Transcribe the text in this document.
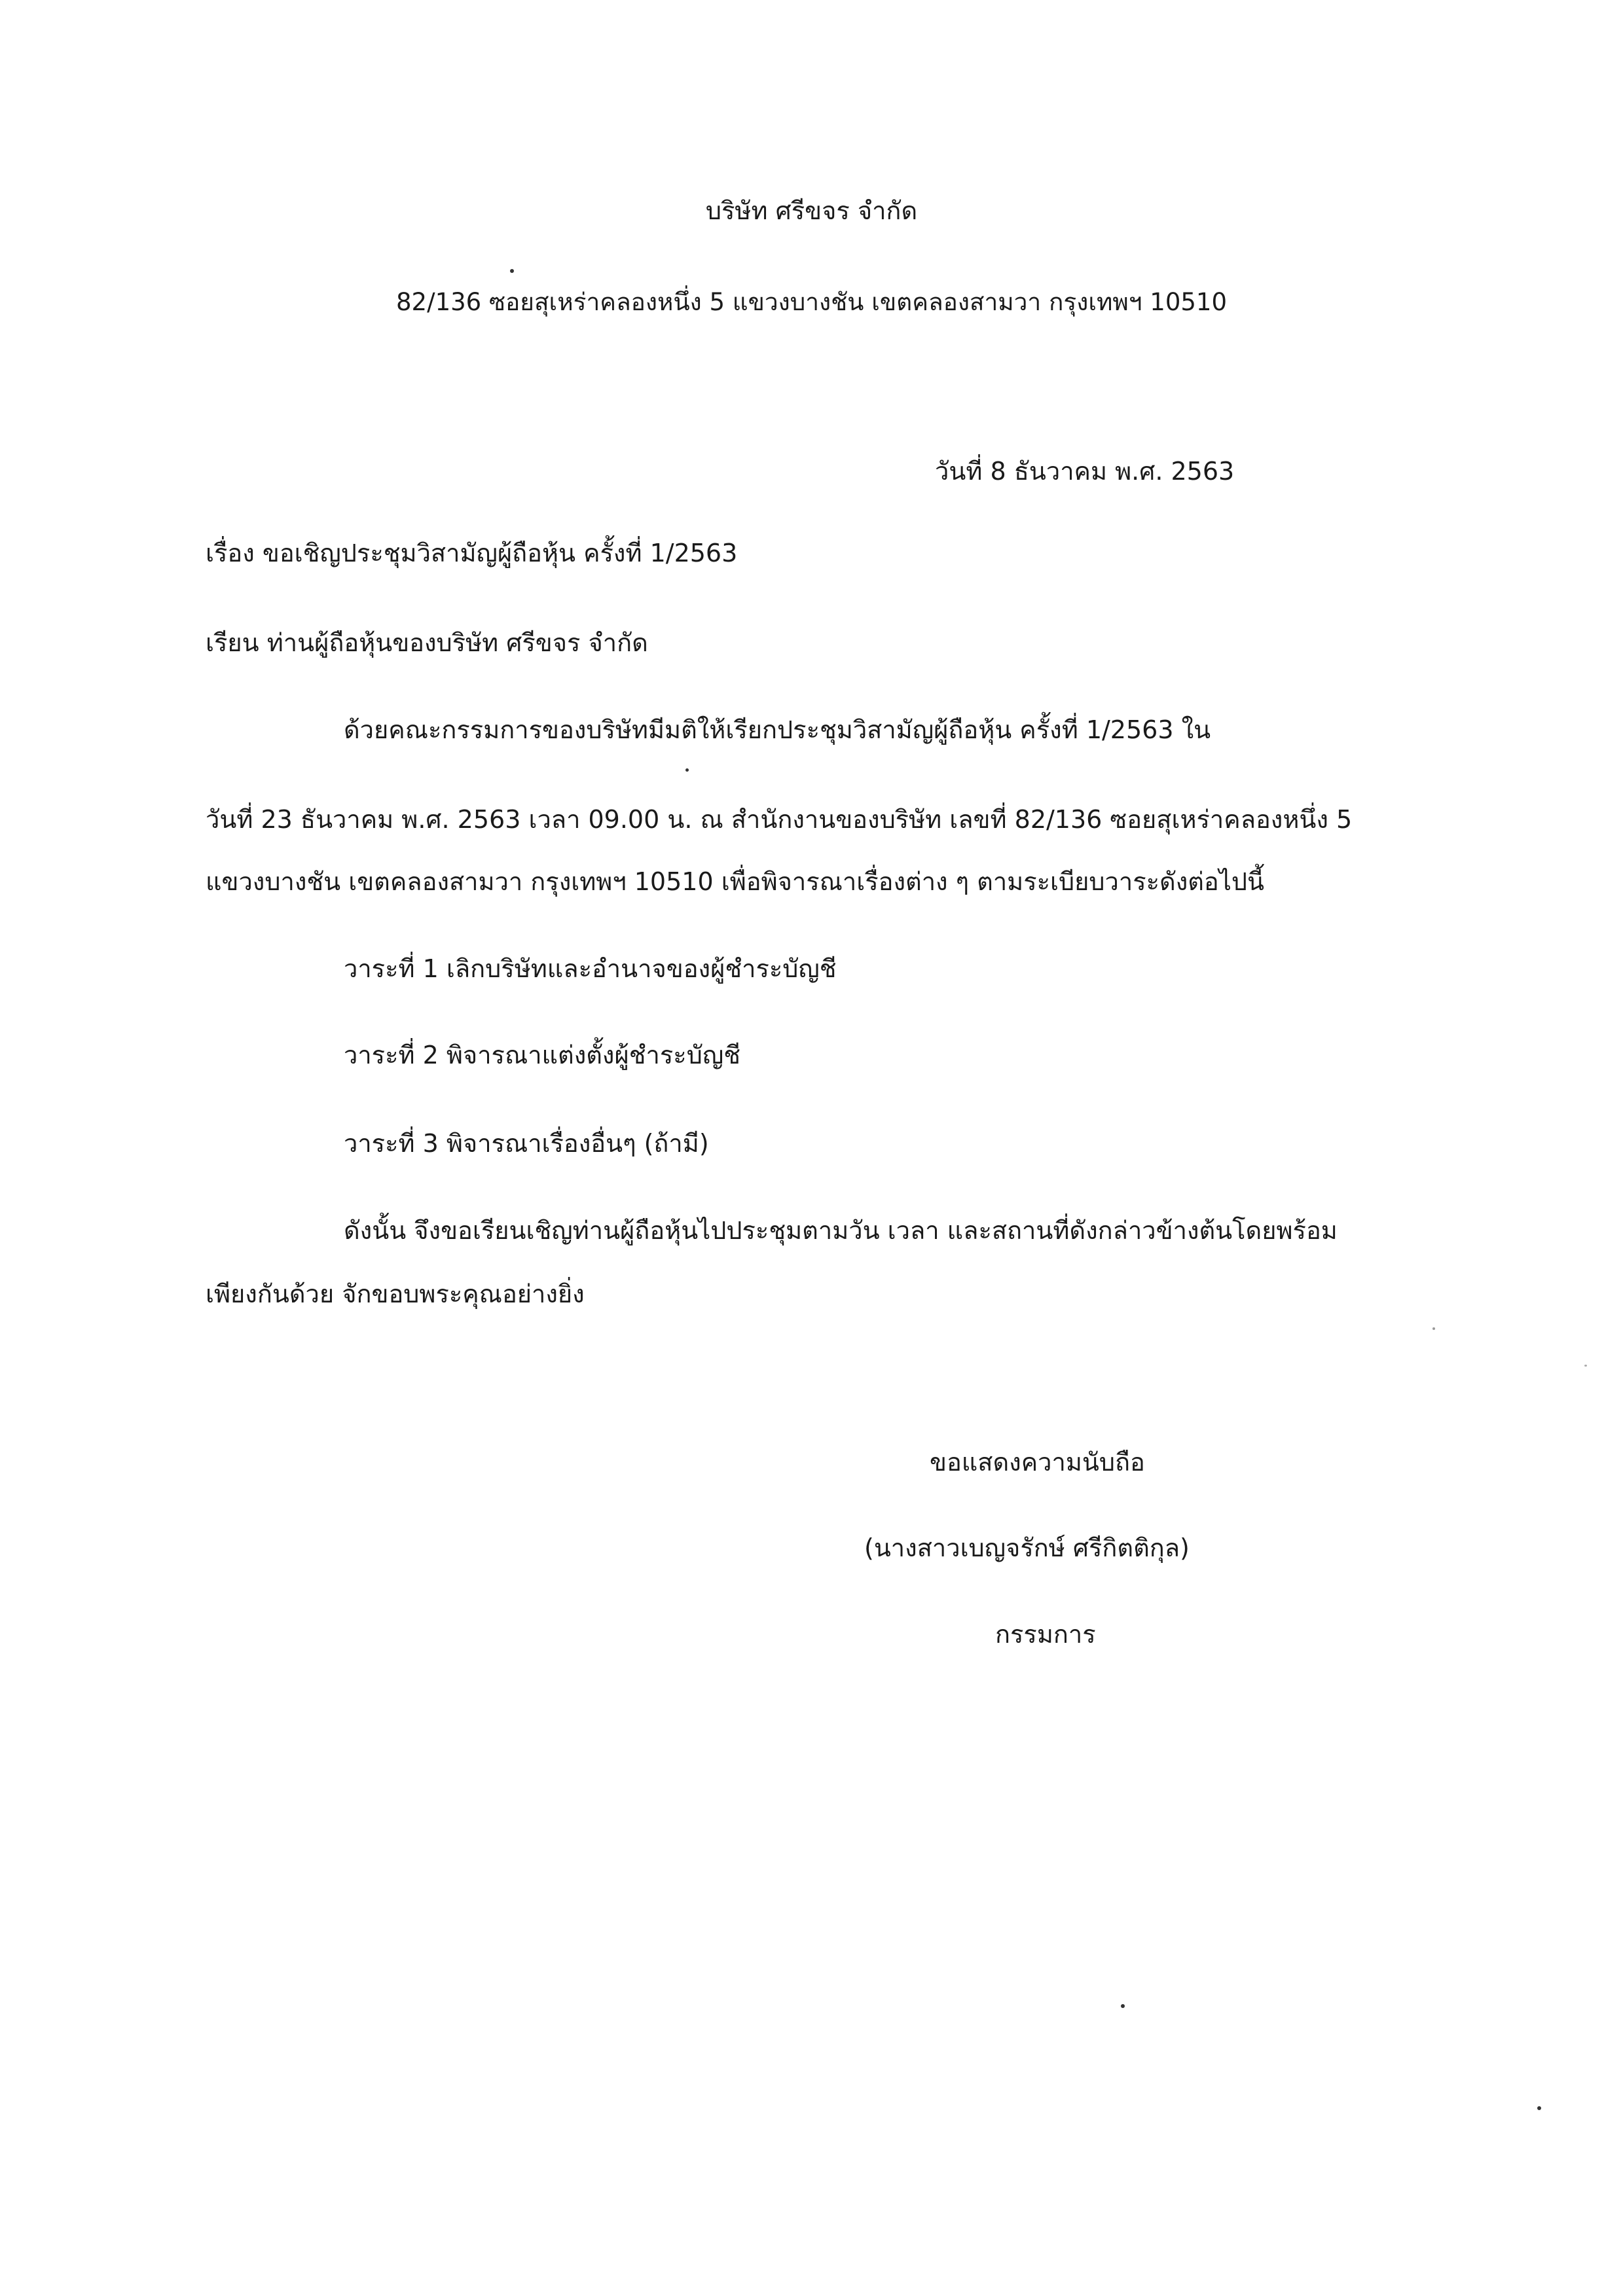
บริษัท ศรีขจร จำกัด
82/136 ซอยสุเหร่าคลองหนึ่ง 5 แขวงบางชัน เขตคลองสามวา กรุงเทพฯ 10510
วันที่ 8 ธันวาคม พ.ศ. 2563
เรื่อง ขอเชิญประชุมวิสามัญผู้ถือหุ้น ครั้งที่ 1/2563
เรียน ท่านผู้ถือหุ้นของบริษัท ศรีขจร จำกัด
ด้วยคณะกรรมการของบริษัทมีมติให้เรียกประชุมวิสามัญผู้ถือหุ้น ครั้งที่ 1/2563 ใน
วันที่ 23 ธันวาคม พ.ศ. 2563 เวลา 09.00 น. ณ สำนักงานของบริษัท เลขที่ 82/136 ซอยสุเหร่าคลองหนึ่ง 5
แขวงบางชัน เขตคลองสามวา กรุงเทพฯ 10510 เพื่อพิจารณาเรื่องต่าง ๆ ตามระเบียบวาระดังต่อไปนี้
วาระที่ 1 เลิกบริษัทและอำนาจของผู้ชำระบัญชี
วาระที่ 2 พิจารณาแต่งตั้งผู้ชำระบัญชี
วาระที่ 3 พิจารณาเรื่องอื่นๆ (ถ้ามี)
ดังนั้น จึงขอเรียนเชิญท่านผู้ถือหุ้นไปประชุมตามวัน เวลา และสถานที่ดังกล่าวข้างต้นโดยพร้อม
เพียงกันด้วย จักขอบพระคุณอย่างยิ่ง
ขอแสดงความนับถือ
(นางสาวเบญจรักษ์ ศรีกิตติกุล)
กรรมการ
